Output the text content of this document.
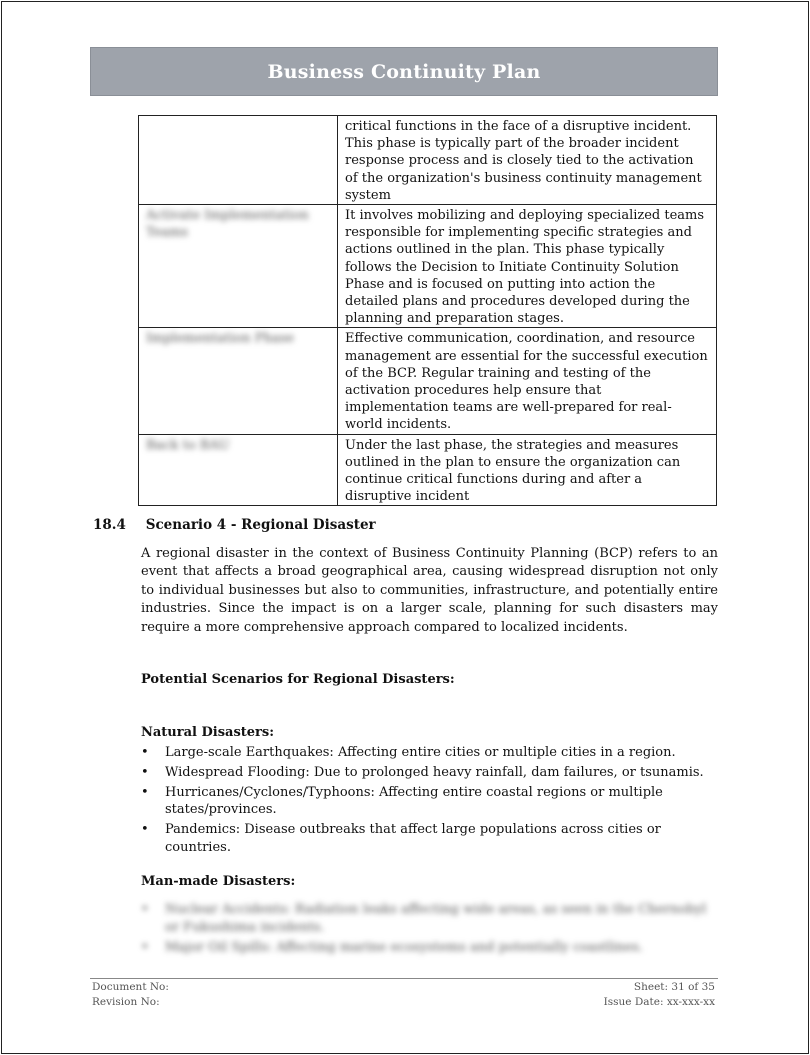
Business Continuity Plan
	critical functions in the face of a disruptive incident. This phase is typically part of the broader incident response process and is closely tied to the activation of the organization's business continuity management system
Activate Implementation Teams	It involves mobilizing and deploying specialized teams responsible for implementing specific strategies and actions outlined in the plan. This phase typically follows the Decision to Initiate Continuity Solution Phase and is focused on putting into action the detailed plans and procedures developed during the planning and preparation stages.
Implementation Phase	Effective communication, coordination, and resource management are essential for the successful execution of the BCP. Regular training and testing of the activation procedures help ensure that implementation teams are well-prepared for real-world incidents.
Back to BAU	Under the last phase, the strategies and measures outlined in the plan to ensure the organization can continue critical functions during and after a disruptive incident
18.4 Scenario 4 - Regional Disaster

A regional disaster in the context of Business Continuity Planning (BCP) refers to an event that affects a broad geographical area, causing widespread disruption not only to individual businesses but also to communities, infrastructure, and potentially entire industries. Since the impact is on a larger scale, planning for such disasters may require a more comprehensive approach compared to localized incidents.

Potential Scenarios for Regional Disasters:
Natural Disasters:
• Large-scale Earthquakes: Affecting entire cities or multiple cities in a region.
• Widespread Flooding: Due to prolonged heavy rainfall, dam failures, or tsunamis.
• Hurricanes/Cyclones/Typhoons: Affecting entire coastal regions or multiple states/provinces.
• Pandemics: Disease outbreaks that affect large populations across cities or countries.
Man-made Disasters:
• Nuclear Accidents: Radiation leaks affecting wide areas, as seen in the Chernobyl or Fukushima incidents.
• Major Oil Spills: Affecting marine ecosystems and potentially coastlines.
Document No:
Revision No:
Sheet: 31 of 35
Issue Date: xx-xxx-xx
